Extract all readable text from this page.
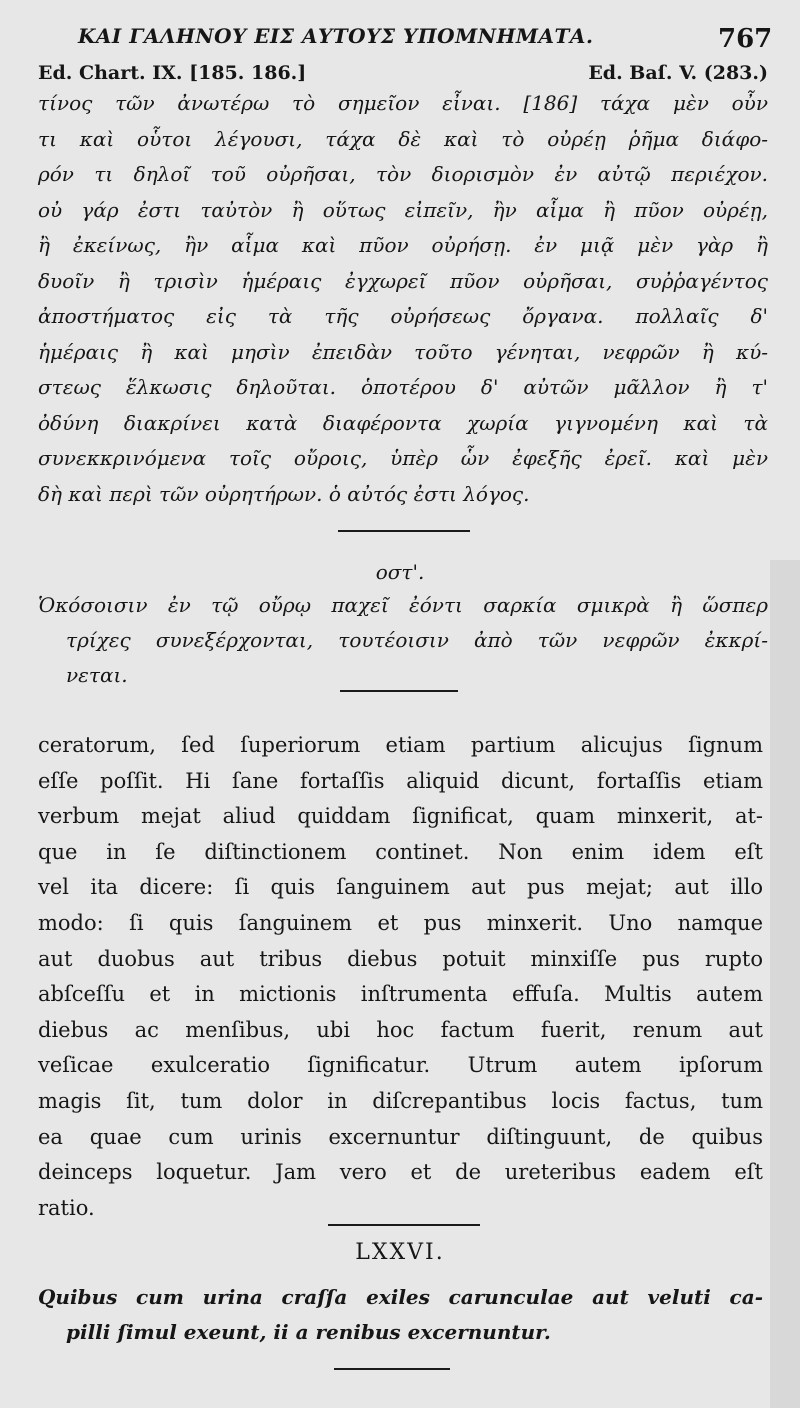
ΚΑΙ ΓΑΛΗΝΟΥ ΕΙΣ ΑΥΤΟΥΣ ΥΠΟΜΝΗΜΑΤΑ.	767
Ed. Chart. IX. [185. 186.]	Ed. Baſ. V. (283.)
τίνος τῶν ἀνωτέρω τὸ σημεῖον εἶναι. [186] τάχα μὲν οὖν
τι καὶ οὗτοι λέγουσι, τάχα δὲ καὶ τὸ οὐρέῃ ῥῆμα διάφο-
ρόν τι δηλοῖ τοῦ οὐρῆσαι, τὸν διορισμὸν ἐν αὐτῷ περιέχον.
οὐ γάρ ἐστι ταὐτὸν ἢ οὕτως εἰπεῖν, ἢν αἷμα ἢ πῦον οὐρέῃ,
ἢ ἐκείνως, ἢν αἷμα καὶ πῦον οὐρήσῃ. ἐν μιᾷ μὲν γὰρ ἢ
δυοῖν ἢ τρισὶν ἡμέραις ἐγχωρεῖ πῦον οὐρῆσαι, συῤῥαγέντος
ἀποστήματος εἰς τὰ τῆς οὐρήσεως ὄργανα. πολλαῖς δ'
ἡμέραις ἢ καὶ μησὶν ἐπειδὰν τοῦτο γένηται, νεφρῶν ἢ κύ-
στεως ἕλκωσις δηλοῦται. ὁποτέρου δ' αὐτῶν μᾶλλον ἢ τ'
ὀδύνη διακρίνει κατὰ διαφέροντα χωρία γιγνομένη καὶ τὰ
συνεκκρινόμενα τοῖς οὔροις, ὑπὲρ ὧν ἐφεξῆς ἐρεῖ. καὶ μὲν
δὴ καὶ περὶ τῶν οὐρητήρων. ὁ αὐτός ἐστι λόγος.
οστ'.
Ὁκόσοισιν ἐν τῷ οὔρῳ παχεῖ ἐόντι σαρκία σμικρὰ ἢ ὥσπερ
τρίχες συνεξέρχονται, τουτέοισιν ἀπὸ τῶν νεφρῶν ἐκκρί-
νεται.
ceratorum, ſed ſuperiorum etiam partium alicujus ſignum
eſſe poſſit. Hi ſane fortaſſis aliquid dicunt, fortaſſis etiam
verbum mejat aliud quiddam ſignificat, quam minxerit, at-
que in ſe diſtinctionem continet. Non enim idem eſt
vel ita dicere: ſi quis ſanguinem aut pus mejat; aut illo
modo: ſi quis ſanguinem et pus minxerit. Uno namque
aut duobus aut tribus diebus potuit minxiſſe pus rupto
abſceſſu et in mictionis inſtrumenta effuſa. Multis autem
diebus ac menſibus, ubi hoc factum fuerit, renum aut
veſicae exulceratio ſignificatur. Utrum autem ipſorum
magis ſit, tum dolor in diſcrepantibus locis factus, tum
ea quae cum urinis excernuntur diſtinguunt, de quibus
deinceps loquetur. Jam vero et de ureteribus eadem eſt
ratio.
LXXVI.
Quibus cum urina craſſa exiles carunculae aut veluti ca-
pilli ſimul exeunt, ii a renibus excernuntur.
